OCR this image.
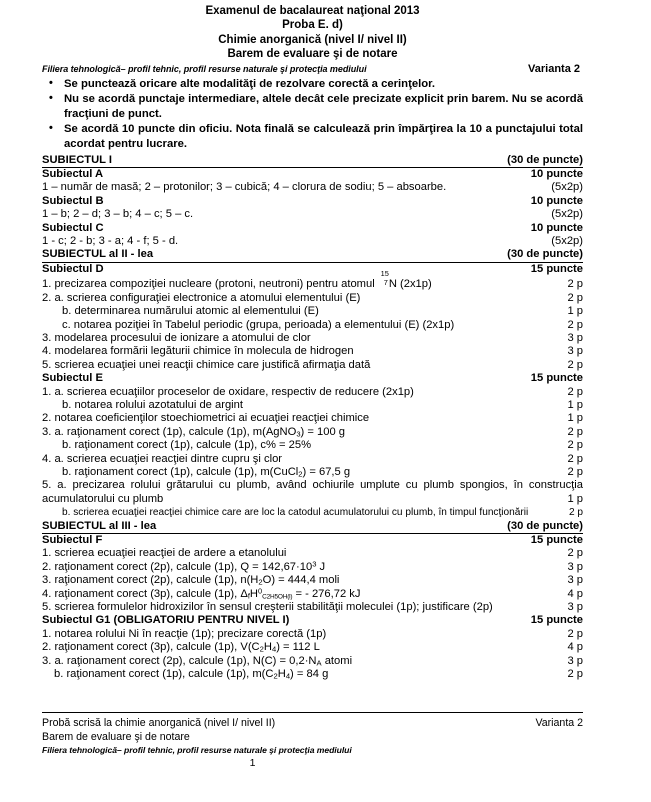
Examenul de bacalaureat naţional 2013
Proba E. d)
Chimie anorganică (nivel I/ nivel II)
Barem de evaluare şi de notare
Filiera tehnologică– profil tehnic, profil resurse naturale şi protecţia mediului	Varianta 2
• Se punctează oricare alte modalităţi de rezolvare corectă a cerinţelor.
• Nu se acordă punctaje intermediare, altele decât cele precizate explicit prin barem. Nu se acordă fracţiuni de punct.
• Se acordă 10 puncte din oficiu. Nota finală se calculează prin împărţirea la 10 a punctajului total acordat pentru lucrare.
SUBIECTUL I	(30 de puncte)
Subiectul A	10 puncte
1 – număr de masă; 2 – protonilor; 3 – cubică; 4 – clorura de sodiu; 5 – absoarbe.	(5x2p)
Subiectul B	10 puncte
1 – b; 2 – d; 3 – b; 4 – c; 5 – c.	(5x2p)
Subiectul C	10 puncte
1 - c; 2 - b; 3 - a; 4 - f; 5 - d.	(5x2p)
SUBIECTUL al II - lea	(30 de puncte)
Subiectul D	15 puncte
1. precizarea compoziţiei nucleare (protoni, neutroni) pentru atomul
15
7 N (2x1p)	2 p
2. a. scrierea configuraţiei electronice a atomului elementului (E)	2 p
b. determinarea numărului atomic al elementului (E)	1 p
c. notarea poziţiei în Tabelul periodic (grupa, perioada) a elementului (E) (2x1p)	2 p
3. modelarea procesului de ionizare a atomului de clor	3 p
4. modelarea formării legăturii chimice în molecula de hidrogen	3 p
5. scrierea ecuaţiei unei reacţii chimice care justifică afirmaţia dată	2 p
Subiectul E	15 puncte
1. a. scrierea ecuaţiilor proceselor de oxidare, respectiv de reducere (2x1p)	2 p
b. notarea rolului azotatului de argint	1 p
2. notarea coeficienţilor stoechiometrici ai ecuaţiei reacţiei chimice	1 p
3. a. raţionament corect (1p), calcule (1p), m(AgNO$_3$) = 100 g	2 p
b. raţionament corect (1p), calcule (1p), c% = 25%	2 p
4. a. scrierea ecuaţiei reacţiei dintre cupru şi clor	2 p
b. raţionament corect (1p), calcule (1p), m(CuCl$_2$) = 67,5 g	2 p
5. a. precizarea rolului grătarului cu plumb, având ochiurile umplute cu plumb spongios, în construcţia acumulatorului cu plumb	1 p
b. scrierea ecuaţiei reacţiei chimice care are loc la catodul acumulatorului cu plumb, în timpul funcţionării	2 p
SUBIECTUL al III - lea	(30 de puncte)
Subiectul F	15 puncte
1. scrierea ecuaţiei reacţiei de ardere a etanolului	2 p
2. raţionament corect (2p), calcule (1p), $Q = 142,67\cdot 10^3$ J	3 p
3. raţionament corect (2p), calcule (1p), $n(H_2O) = 444,4$ moli	3 p
4. raţionament corect (3p), calcule (1p), ΔfH$^0$C2H5OH(l) = - 276,72 kJ	4 p
5. scrierea formulelor hidroxizilor în sensul creşterii stabilităţii moleculei (1p); justificare (2p)	3 p
Subiectul G1 (OBLIGATORIU PENTRU NIVEL I)	15 puncte
1. notarea rolului Ni în reacţie (1p); precizare corectă (1p)	2 p
2. raţionament corect (3p), calcule (1p), $V(C_2H_4) = 112$ L	4 p
3. a. raţionament corect (2p), calcule (1p), $N(C) = 0,2\cdot N_A$ atomi	3 p
b. raţionament corect (1p), calcule (1p), $m(C_2H_4) = 84$ g	2 p
Probă scrisă la chimie anorganică (nivel I/ nivel II)	Varianta 2
Barem de evaluare şi de notare
Filiera tehnologică– profil tehnic, profil resurse naturale şi protecţia mediului
1
